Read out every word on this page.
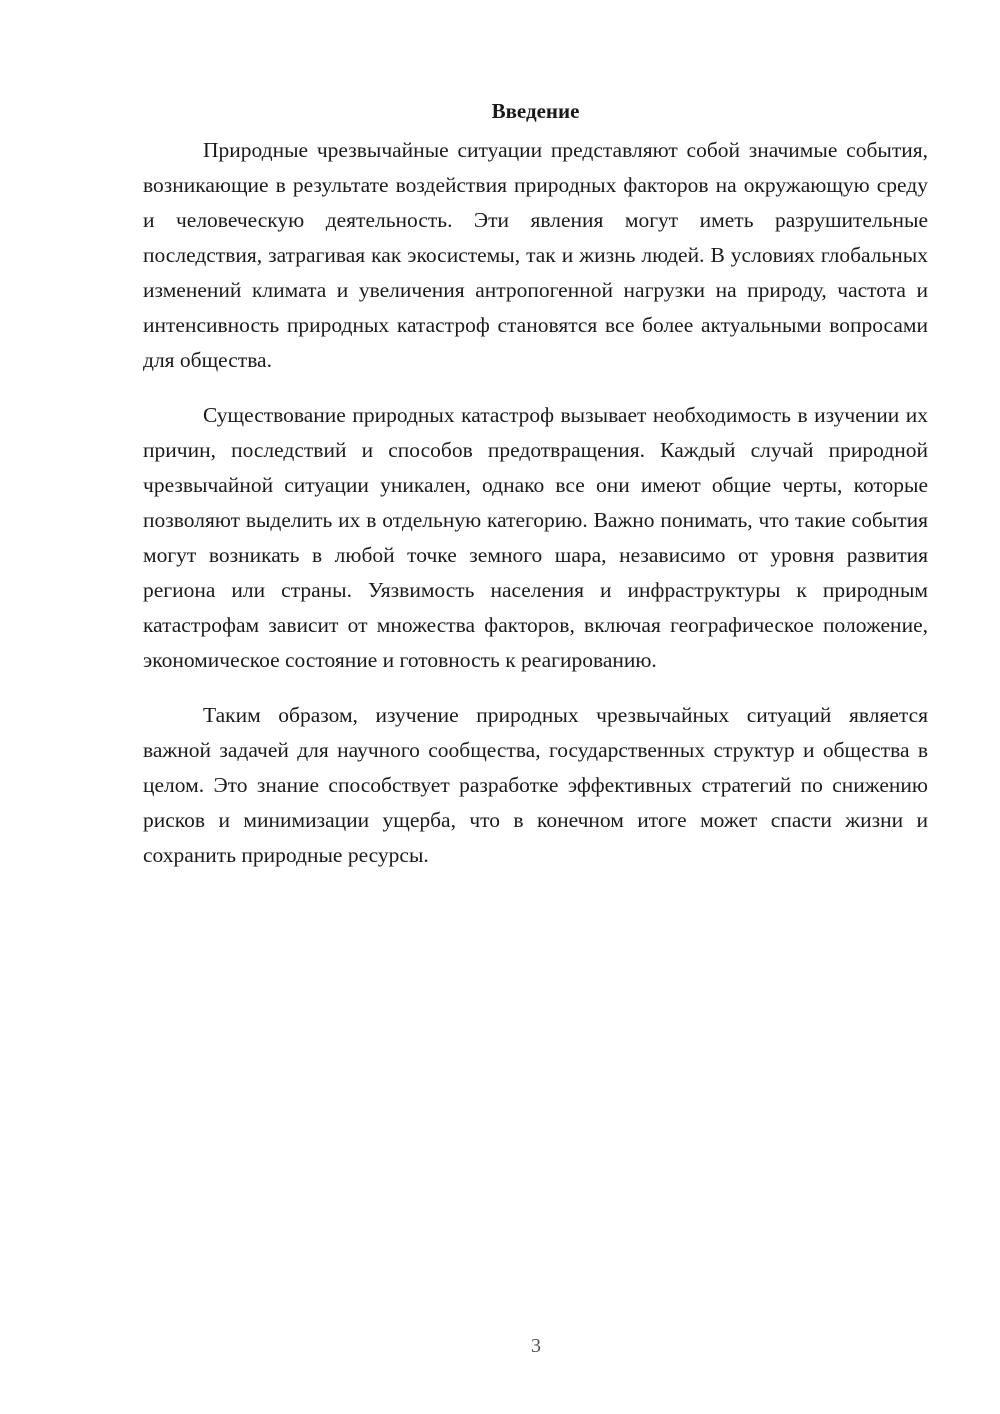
Введение

Природные чрезвычайные ситуации представляют собой значимые события, возникающие в результате воздействия природных факторов на окружающую среду и человеческую деятельность. Эти явления могут иметь разрушительные последствия, затрагивая как экосистемы, так и жизнь людей. В условиях глобальных изменений климата и увеличения антропогенной нагрузки на природу, частота и интенсивность природных катастроф становятся все более актуальными вопросами для общества.

Существование природных катастроф вызывает необходимость в изучении их причин, последствий и способов предотвращения. Каждый случай природной чрезвычайной ситуации уникален, однако все они имеют общие черты, которые позволяют выделить их в отдельную категорию. Важно понимать, что такие события могут возникать в любой точке земного шара, независимо от уровня развития региона или страны. Уязвимость населения и инфраструктуры к природным катастрофам зависит от множества факторов, включая географическое положение, экономическое состояние и готовность к реагированию.

Таким образом, изучение природных чрезвычайных ситуаций является важной задачей для научного сообщества, государственных структур и общества в целом. Это знание способствует разработке эффективных стратегий по снижению рисков и минимизации ущерба, что в конечном итоге может спасти жизни и сохранить природные ресурсы.

3
